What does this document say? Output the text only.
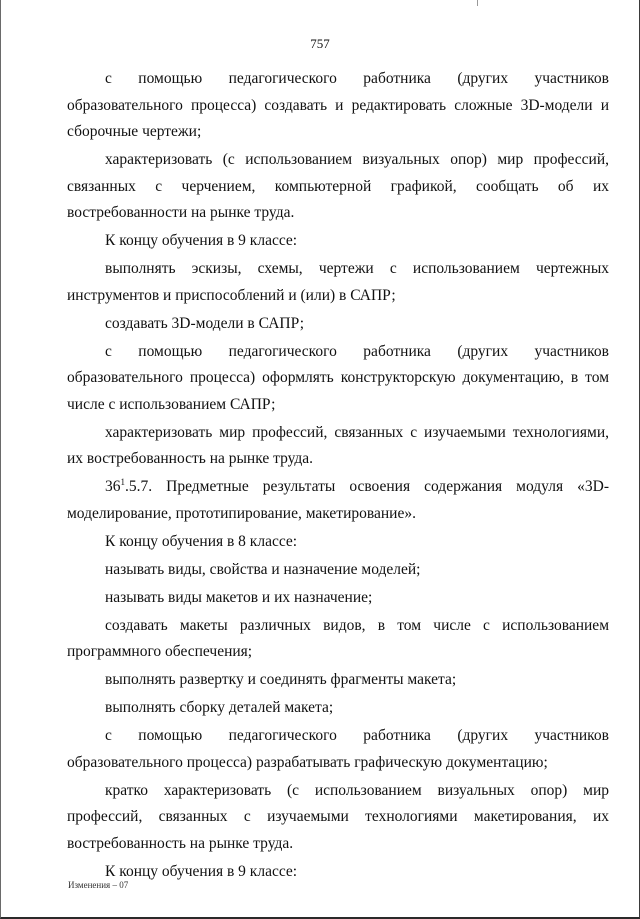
757

с помощью педагогического работника (других участников образовательного процесса) создавать и редактировать сложные 3D-модели и сборочные чертежи;

характеризовать (с использованием визуальных опор) мир профессий, связанных с черчением, компьютерной графикой, сообщать об их востребованности на рынке труда.

К концу обучения в 9 классе:

выполнять эскизы, схемы, чертежи с использованием чертежных инструментов и приспособлений и (или) в САПР;

создавать 3D-модели в САПР;

с помощью педагогического работника (других участников образовательного процесса) оформлять конструкторскую документацию, в том числе с использованием САПР;

характеризовать мир профессий, связанных с изучаемыми технологиями, их востребованность на рынке труда.

$36^1.5.7$. Предметные результаты освоения содержания модуля «3D-моделирование, прототипирование, макетирование».

К концу обучения в 8 классе:

называть виды, свойства и назначение моделей;

называть виды макетов и их назначение;

создавать макеты различных видов, в том числе с использованием программного обеспечения;

выполнять развертку и соединять фрагменты макета;

выполнять сборку деталей макета;

с помощью педагогического работника (других участников образовательного процесса) разрабатывать графическую документацию;

кратко характеризовать (с использованием визуальных опор) мир профессий, связанных с изучаемыми технологиями макетирования, их востребованность на рынке труда.

К концу обучения в 9 классе:

Изменения – 07
